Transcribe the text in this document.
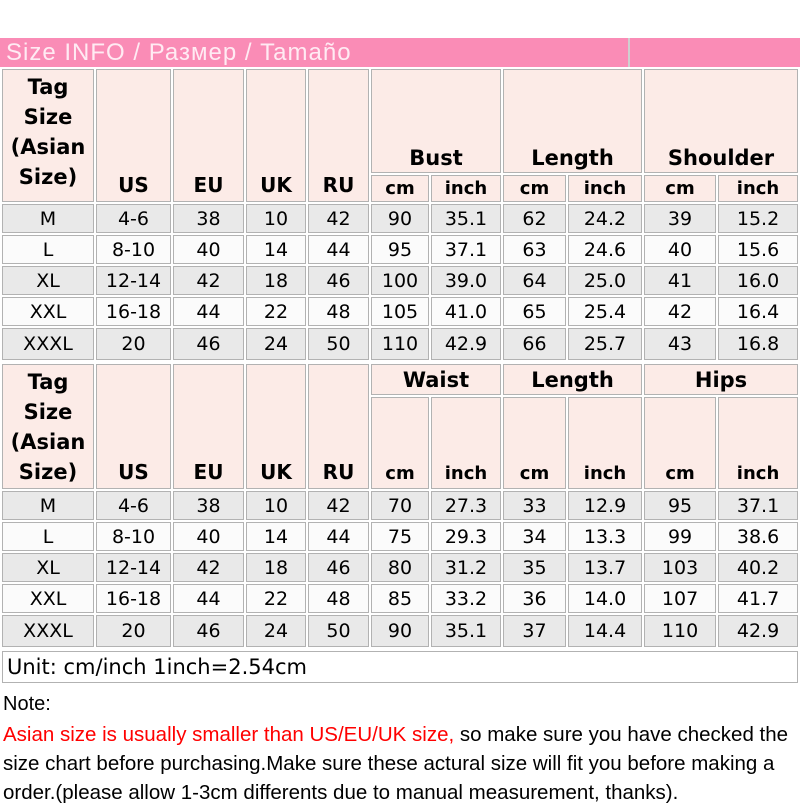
Size INFO / Размер / Tamaño
Tag
Size
(Asian
Size)	US	EU	UK	RU	Bust		Length		Shoulder	
					cm	inch	cm	inch	cm	inch
M	4-6	38	10	42	90	35.1	62	24.2	39	15.2
L	8-10	40	14	44	95	37.1	63	24.6	40	15.6
XL	12-14	42	18	46	100	39.0	64	25.0	41	16.0
XXL	16-18	44	22	48	105	41.0	65	25.4	42	16.4
XXXL	20	46	24	50	110	42.9	66	25.7	43	16.8
Tag
Size
(Asian
Size)	US	EU	UK	RU	Waist		Length		Hips	
					cm	inch	cm	inch	cm	inch
M	4-6	38	10	42	70	27.3	33	12.9	95	37.1
L	8-10	40	14	44	75	29.3	34	13.3	99	38.6
XL	12-14	42	18	46	80	31.2	35	13.7	103	40.2
XXL	16-18	44	22	48	85	33.2	36	14.0	107	41.7
XXXL	20	46	24	50	90	35.1	37	14.4	110	42.9
Unit: cm/inch 1inch=2.54cm
Note:
Asian size is usually smaller than US/EU/UK size, so make sure you have checked the size chart before purchasing.Make sure these actural size will fit you before making a order.(please allow 1-3cm differents due to manual measurement, thanks).
